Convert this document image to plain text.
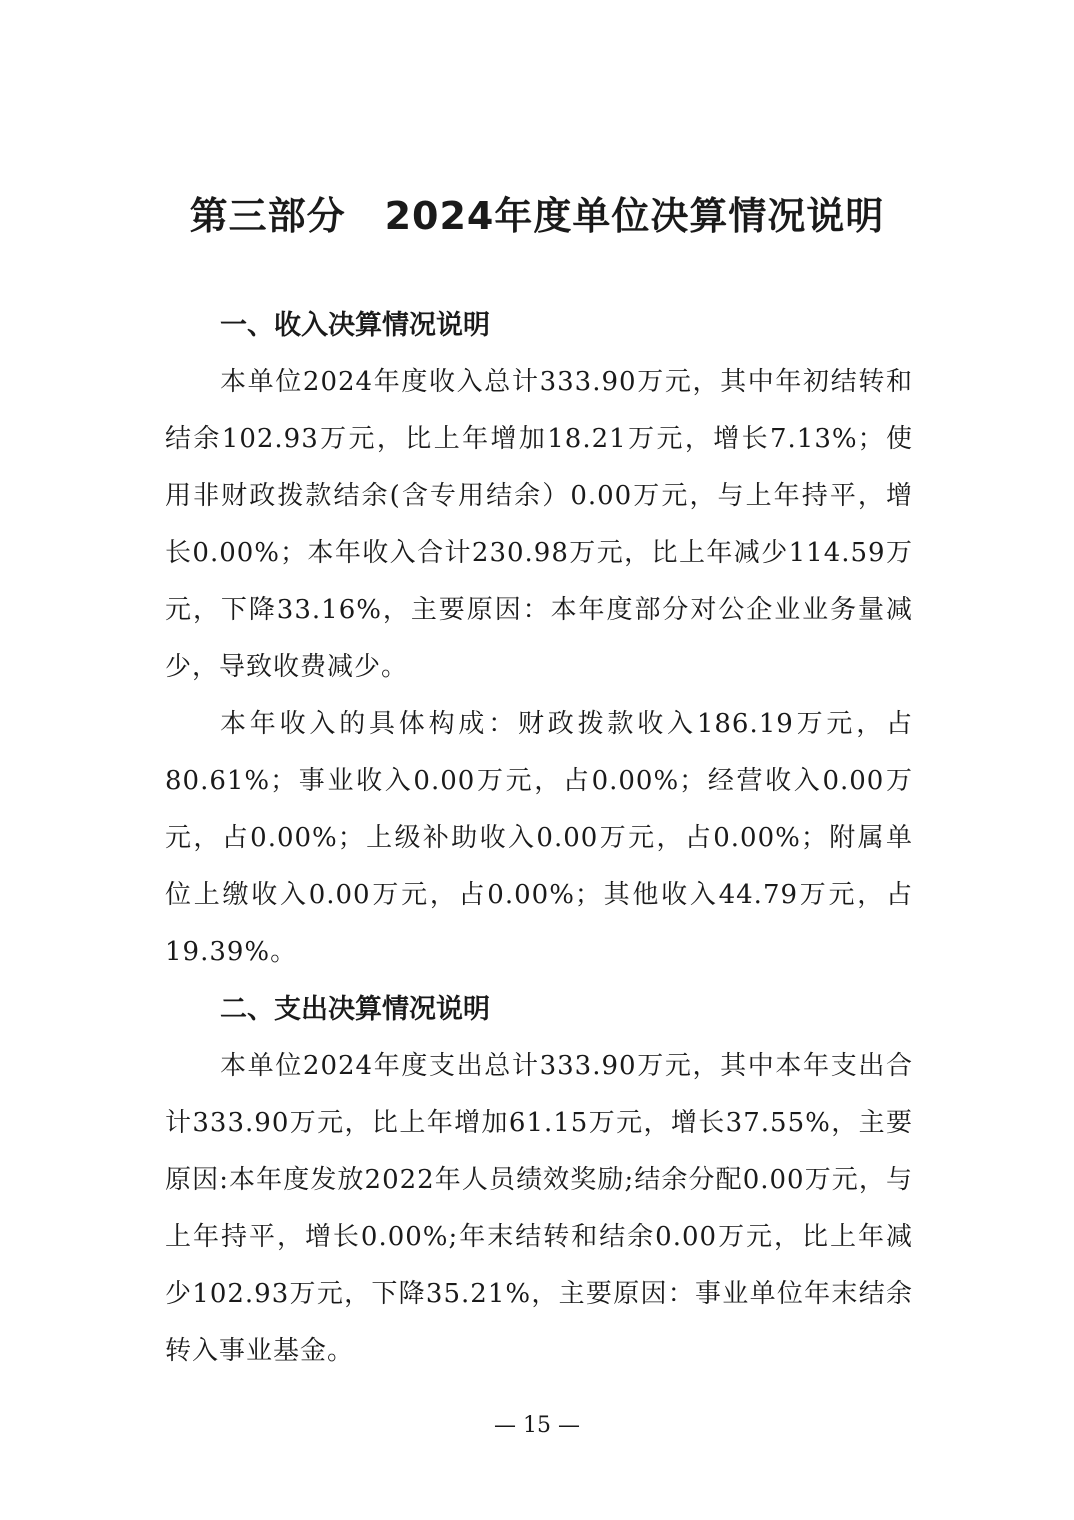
第三部分　2024年度单位决算情况说明

一、收入决算情况说明

本单位2024年度收入总计333.90万元，其中年初结转和结余102.93万元，比上年增加18.21万元，增长7.13%；使用非财政拨款结余(含专用结余）0.00万元，与上年持平，增长0.00%；本年收入合计230.98万元，比上年减少114.59万元，下降33.16%，主要原因：本年度部分对公企业业务量减少，导致收费减少。

本年收入的具体构成：财政拨款收入186.19万元，占80.61%；事业收入0.00万元，占0.00%；经营收入0.00万元，占0.00%；上级补助收入0.00万元，占0.00%；附属单位上缴收入0.00万元，占0.00%；其他收入44.79万元，占19.39%。

二、支出决算情况说明

本单位2024年度支出总计333.90万元，其中本年支出合计333.90万元，比上年增加61.15万元，增长37.55%，主要原因:本年度发放2022年人员绩效奖励;结余分配0.00万元，与上年持平，增长0.00%;年末结转和结余0.00万元，比上年减少102.93万元，下降35.21%，主要原因：事业单位年末结余转入事业基金。

— 15 —
